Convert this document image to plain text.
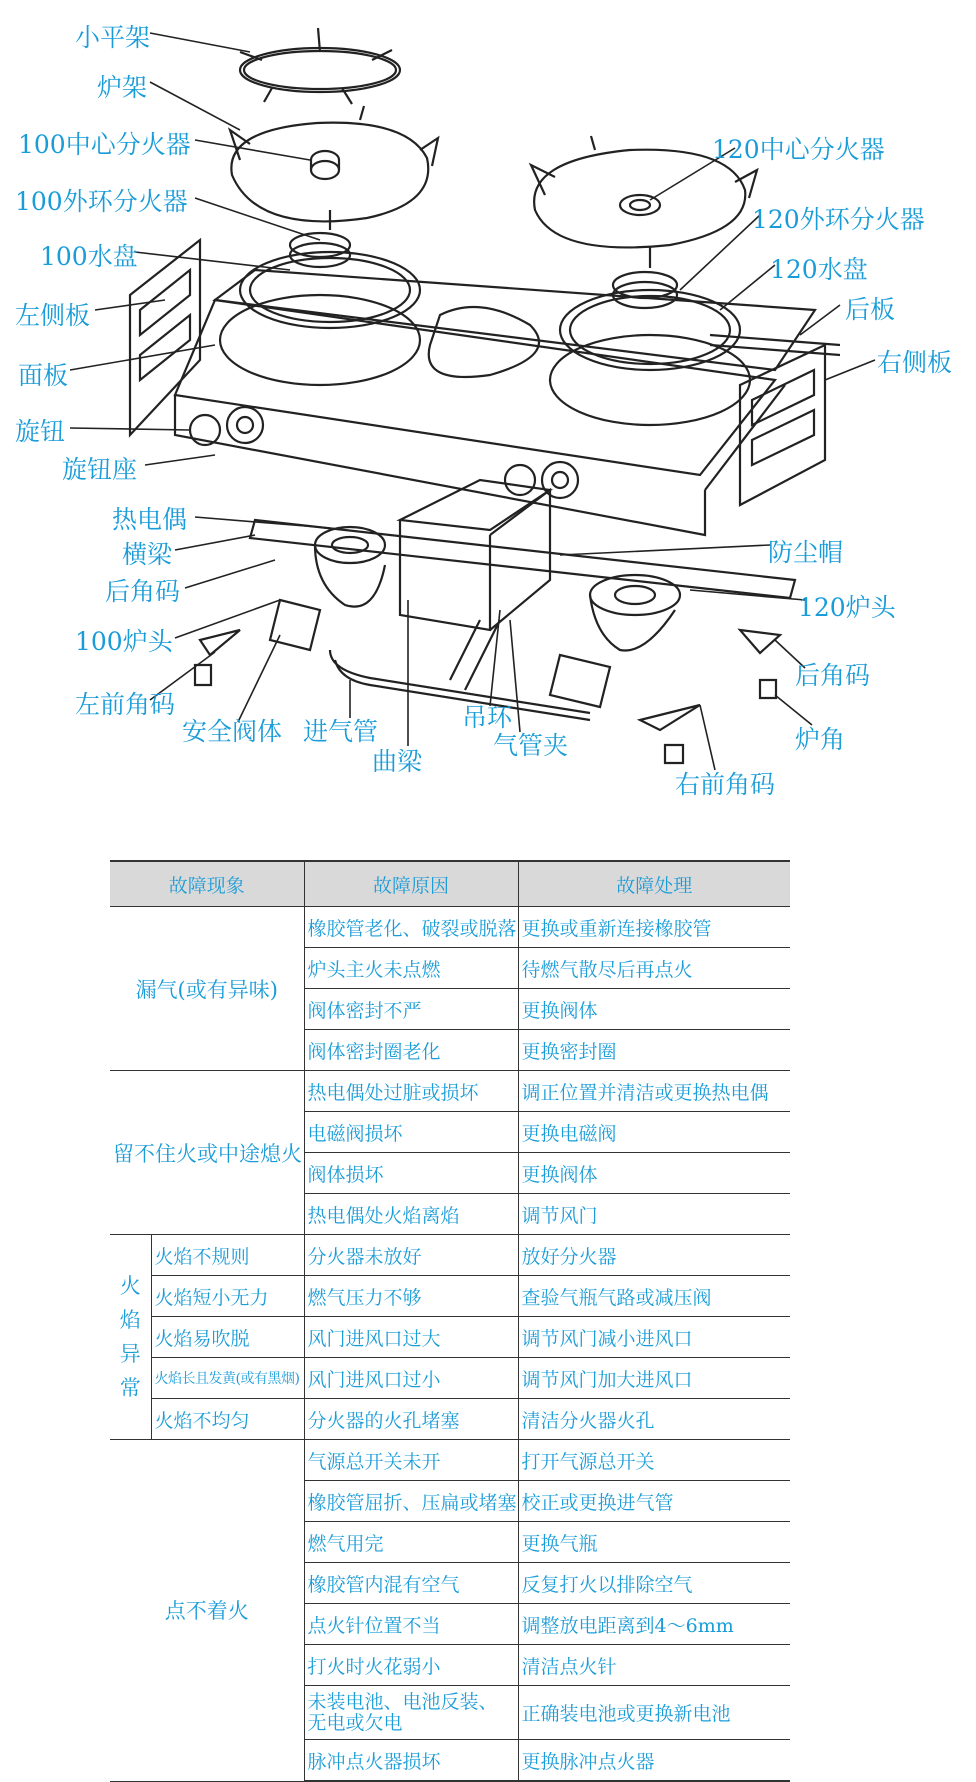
小平架
炉架
100中心分火器
100外环分火器
100水盘
左侧板
面板
旋钮
旋钮座
热电偶
横梁
后角码
100炉头
左前角码
安全阀体 进气管
曲梁
吊环
气管夹
右前角码
炉角
后角码
120炉头
防尘帽
右侧板
后板
120水盘
120外环分火器
120中心分火器
故障现象		故障原因	故障处理
漏气(或有异味)		橡胶管老化、破裂或脱落	更换或重新连接橡胶管
		炉头主火未点燃	待燃气散尽后再点火
		阀体密封不严	更换阀体
		阀体密封圈老化	更换密封圈
留不住火或中途熄火		热电偶处过脏或损坏	调正位置并清洁或更换热电偶
		电磁阀损坏	更换电磁阀
		阀体损坏	更换阀体
		热电偶处火焰离焰	调节风门
火焰异常	火焰不规则	分火器未放好	放好分火器
	火焰短小无力	燃气压力不够	查验气瓶气路或减压阀
	火焰易吹脱	风门进风口过大	调节风门减小进风口
	火焰长且发黄(或有黑烟)	风门进风口过小	调节风门加大进风口
	火焰不均匀	分火器的火孔堵塞	清洁分火器火孔
点不着火		气源总开关未开	打开气源总开关
		橡胶管屈折、压扁或堵塞	校正或更换进气管
		燃气用完	更换气瓶
		橡胶管内混有空气	反复打火以排除空气
		点火针位置不当	调整放电距离到4～6mm
		打火时火花弱小	清洁点火针

		未装电池、电池反装、
无电或欠电	正确装电池或更换新电池
		脉冲点火器损坏	更换脉冲点火器
